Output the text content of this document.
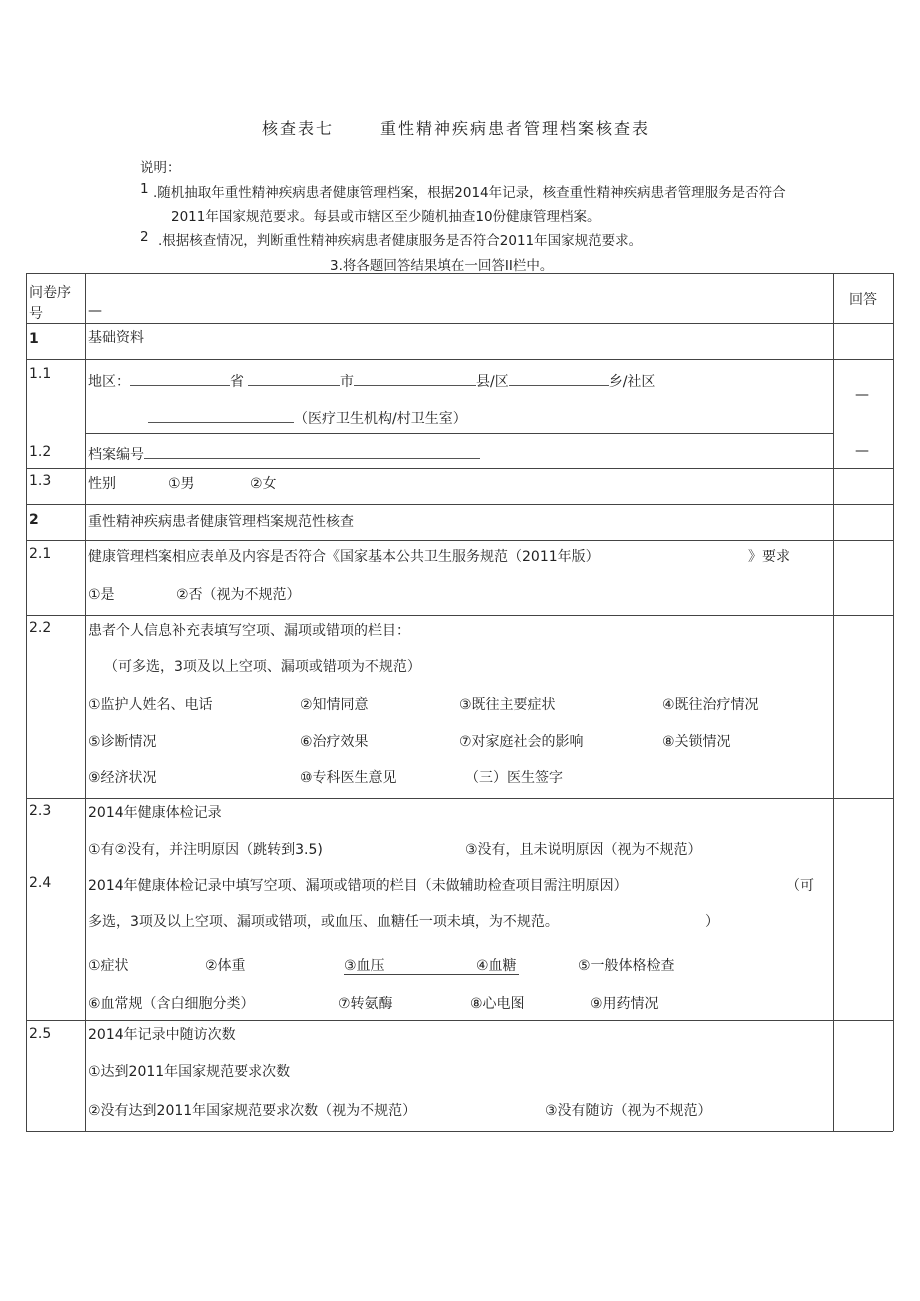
核查表七	重性精神疾病患者管理档案核查表
说明：
1 .随机抽取年重性精神疾病患者健康管理档案，根据2014年记录，核查重性精神疾病患者管理服务是否符合
2011年国家规范要求。每县或市辖区至少随机抽查10份健康管理档案。
2 .根据核查情况，判断重性精神疾病患者健康服务是否符合2011年国家规范要求。
3.将各题回答结果填在一回答II栏中。
问卷序
号	—
回答
1	基础资料
1.1	地区：	省	市	县/区	乡/社区
（医疗卫生机构/村卫生室）
—
1.2	档案编号	—
1.3	性别	①男	②女
2	重性精神疾病患者健康管理档案规范性核查
2.1	健康管理档案相应表单及内容是否符合《国家基本公共卫生服务规范（2011年版）	》要求
①是	②否（视为不规范）
2.2	患者个人信息补充表填写空项、漏项或错项的栏目：
（可多选，3项及以上空项、漏项或错项为不规范）
①监护人姓名、电话	②知情同意	③既往主要症状	④既往治疗情况
⑤诊断情况	⑥治疗效果	⑦对家庭社会的影响	⑧关锁情况
⑨经济状况	⑩专科医生意见	（三）医生签字
2.3	2014年健康体检记录
①有②没有，并注明原因（跳转到3.5)	③没有，且未说明原因（视为不规范）
2.4	2014年健康体检记录中填写空项、漏项或错项的栏目（未做辅助检查项目需注明原因）	（可
多选，3项及以上空项、漏项或错项，或血压、血糖任一项未填，为不规范。	）
①症状	②体重	③血压	④血糖	⑤一般体格检查
⑥血常规（含白细胞分类）	⑦转氨酶	⑧心电图	⑨用药情况
2.5	2014年记录中随访次数
①达到2011年国家规范要求次数
②没有达到2011年国家规范要求次数（视为不规范）	③没有随访（视为不规范）
